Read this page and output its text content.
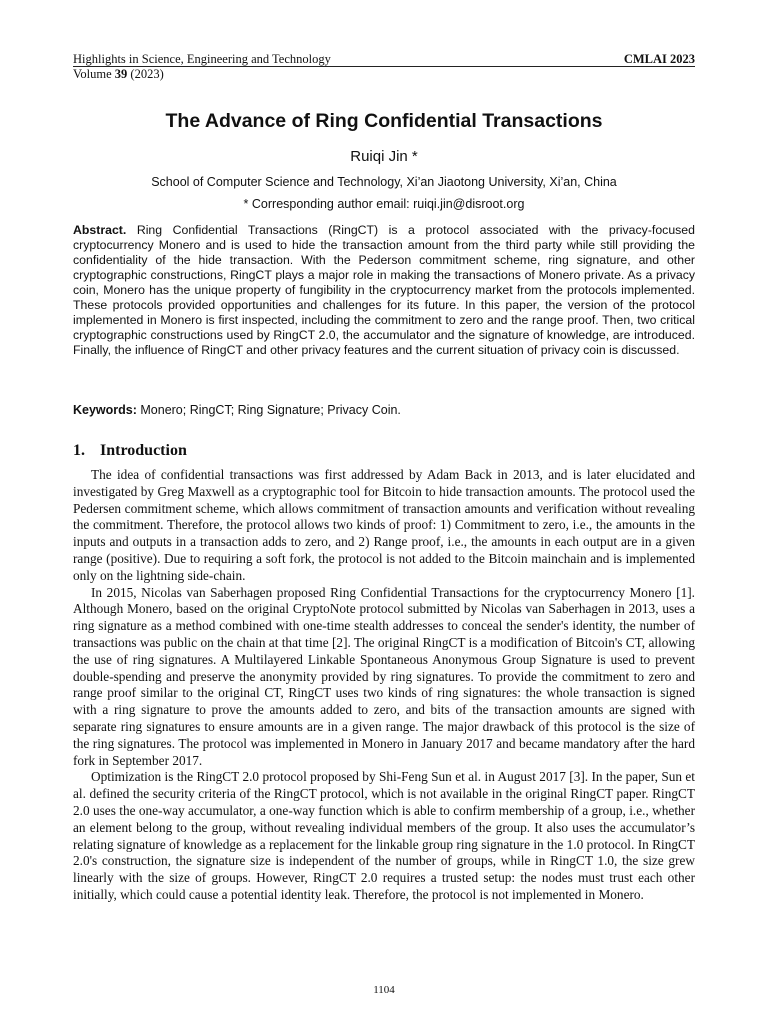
Highlights in Science, Engineering and Technology	CMLAI 2023
Volume 39 (2023)
The Advance of Ring Confidential Transactions
Ruiqi Jin *
School of Computer Science and Technology, Xi’an Jiaotong University, Xi’an, China
* Corresponding author email: ruiqi.jin@disroot.org

Abstract. Ring Confidential Transactions (RingCT) is a protocol associated with the privacy-focused cryptocurrency Monero and is used to hide the transaction amount from the third party while still providing the confidentiality of the hide transaction. With the Pederson commitment scheme, ring signature, and other cryptographic constructions, RingCT plays a major role in making the transactions of Monero private. As a privacy coin, Monero has the unique property of fungibility in the cryptocurrency market from the protocols implemented. These protocols provided opportunities and challenges for its future. In this paper, the version of the protocol implemented in Monero is first inspected, including the commitment to zero and the range proof. Then, two critical cryptographic constructions used by RingCT 2.0, the accumulator and the signature of knowledge, are introduced. Finally, the influence of RingCT and other privacy features and the current situation of privacy coin is discussed.

Keywords: Monero; RingCT; Ring Signature; Privacy Coin.

1. Introduction

The idea of confidential transactions was first addressed by Adam Back in 2013, and is later elucidated and investigated by Greg Maxwell as a cryptographic tool for Bitcoin to hide transaction amounts. The protocol used the Pedersen commitment scheme, which allows commitment of transaction amounts and verification without revealing the commitment. Therefore, the protocol allows two kinds of proof: 1) Commitment to zero, i.e., the amounts in the inputs and outputs in a transaction adds to zero, and 2) Range proof, i.e., the amounts in each output are in a given range (positive). Due to requiring a soft fork, the protocol is not added to the Bitcoin mainchain and is implemented only on the lightning side-chain.

In 2015, Nicolas van Saberhagen proposed Ring Confidential Transactions for the cryptocurrency Monero [1]. Although Monero, based on the original CryptoNote protocol submitted by Nicolas van Saberhagen in 2013, uses a ring signature as a method combined with one-time stealth addresses to conceal the sender's identity, the number of transactions was public on the chain at that time [2]. The original RingCT is a modification of Bitcoin's CT, allowing the use of ring signatures. A Multilayered Linkable Spontaneous Anonymous Group Signature is used to prevent double-spending and preserve the anonymity provided by ring signatures. To provide the commitment to zero and range proof similar to the original CT, RingCT uses two kinds of ring signatures: the whole transaction is signed with a ring signature to prove the amounts added to zero, and bits of the transaction amounts are signed with separate ring signatures to ensure amounts are in a given range. The major drawback of this protocol is the size of the ring signatures. The protocol was implemented in Monero in January 2017 and became mandatory after the hard fork in September 2017.

Optimization is the RingCT 2.0 protocol proposed by Shi-Feng Sun et al. in August 2017 [3]. In the paper, Sun et al. defined the security criteria of the RingCT protocol, which is not available in the original RingCT paper. RingCT 2.0 uses the one-way accumulator, a one-way function which is able to confirm membership of a group, i.e., whether an element belong to the group, without revealing individual members of the group. It also uses the accumulator’s relating signature of knowledge as a replacement for the linkable group ring signature in the 1.0 protocol. In RingCT 2.0's construction, the signature size is independent of the number of groups, while in RingCT 1.0, the size grew linearly with the size of groups. However, RingCT 2.0 requires a trusted setup: the nodes must trust each other initially, which could cause a potential identity leak. Therefore, the protocol is not implemented in Monero.

1104
